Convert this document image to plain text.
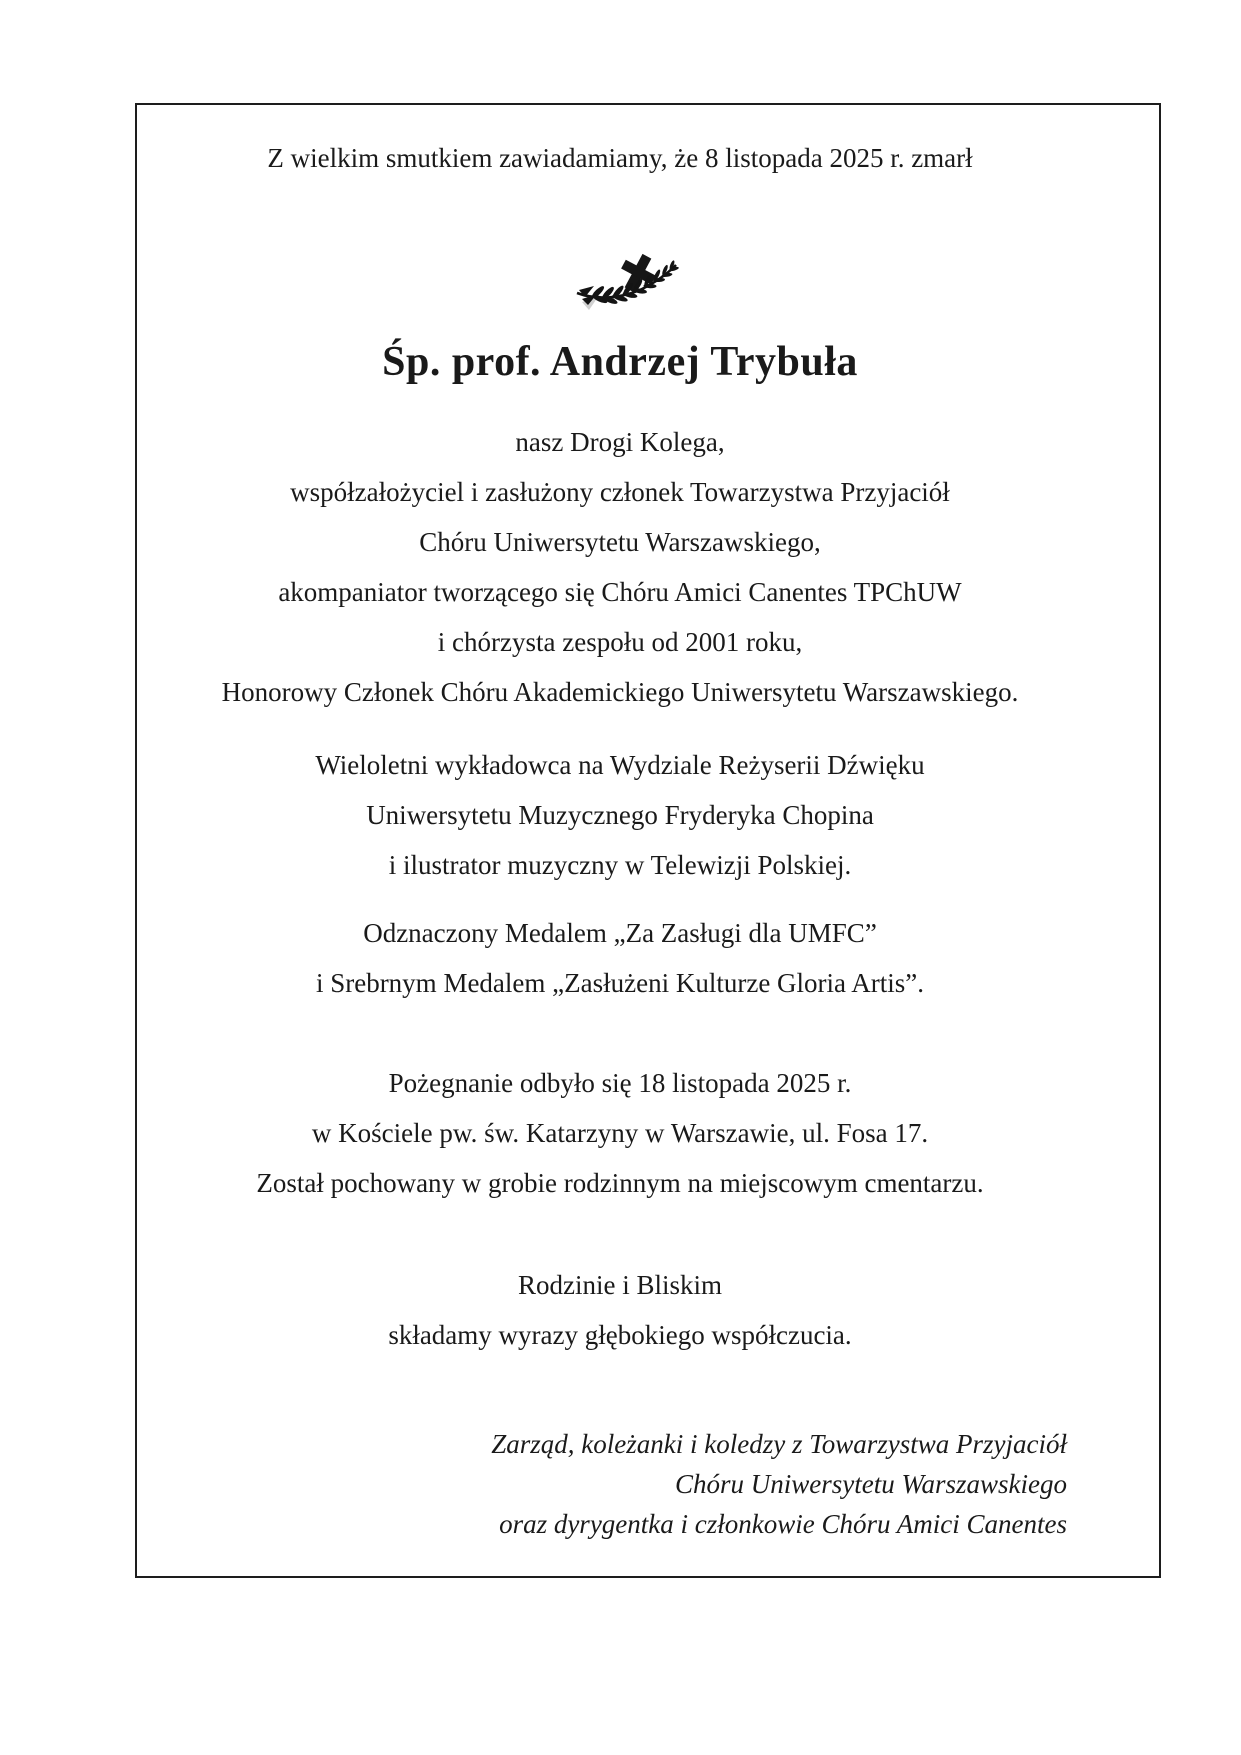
Z wielkim smutkiem zawiadamiamy, że 8 listopada 2025 r. zmarł
Śp. prof. Andrzej Trybuła
nasz Drogi Kolega,
współzałożyciel i zasłużony członek Towarzystwa Przyjaciół
Chóru Uniwersytetu Warszawskiego,
akompaniator tworzącego się Chóru Amici Canentes TPChUW
i chórzysta zespołu od 2001 roku,
Honorowy Członek Chóru Akademickiego Uniwersytetu Warszawskiego.
Wieloletni wykładowca na Wydziale Reżyserii Dźwięku
Uniwersytetu Muzycznego Fryderyka Chopina
i ilustrator muzyczny w Telewizji Polskiej.
Odznaczony Medalem „Za Zasługi dla UMFC”
i Srebrnym Medalem „Zasłużeni Kulturze Gloria Artis”.
Pożegnanie odbyło się 18 listopada 2025 r.
w Kościele pw. św. Katarzyny w Warszawie, ul. Fosa 17.
Został pochowany w grobie rodzinnym na miejscowym cmentarzu.
Rodzinie i Bliskim
składamy wyrazy głębokiego współczucia.
Zarząd, koleżanki i koledzy z Towarzystwa Przyjaciół
Chóru Uniwersytetu Warszawskiego
oraz dyrygentka i członkowie Chóru Amici Canentes
